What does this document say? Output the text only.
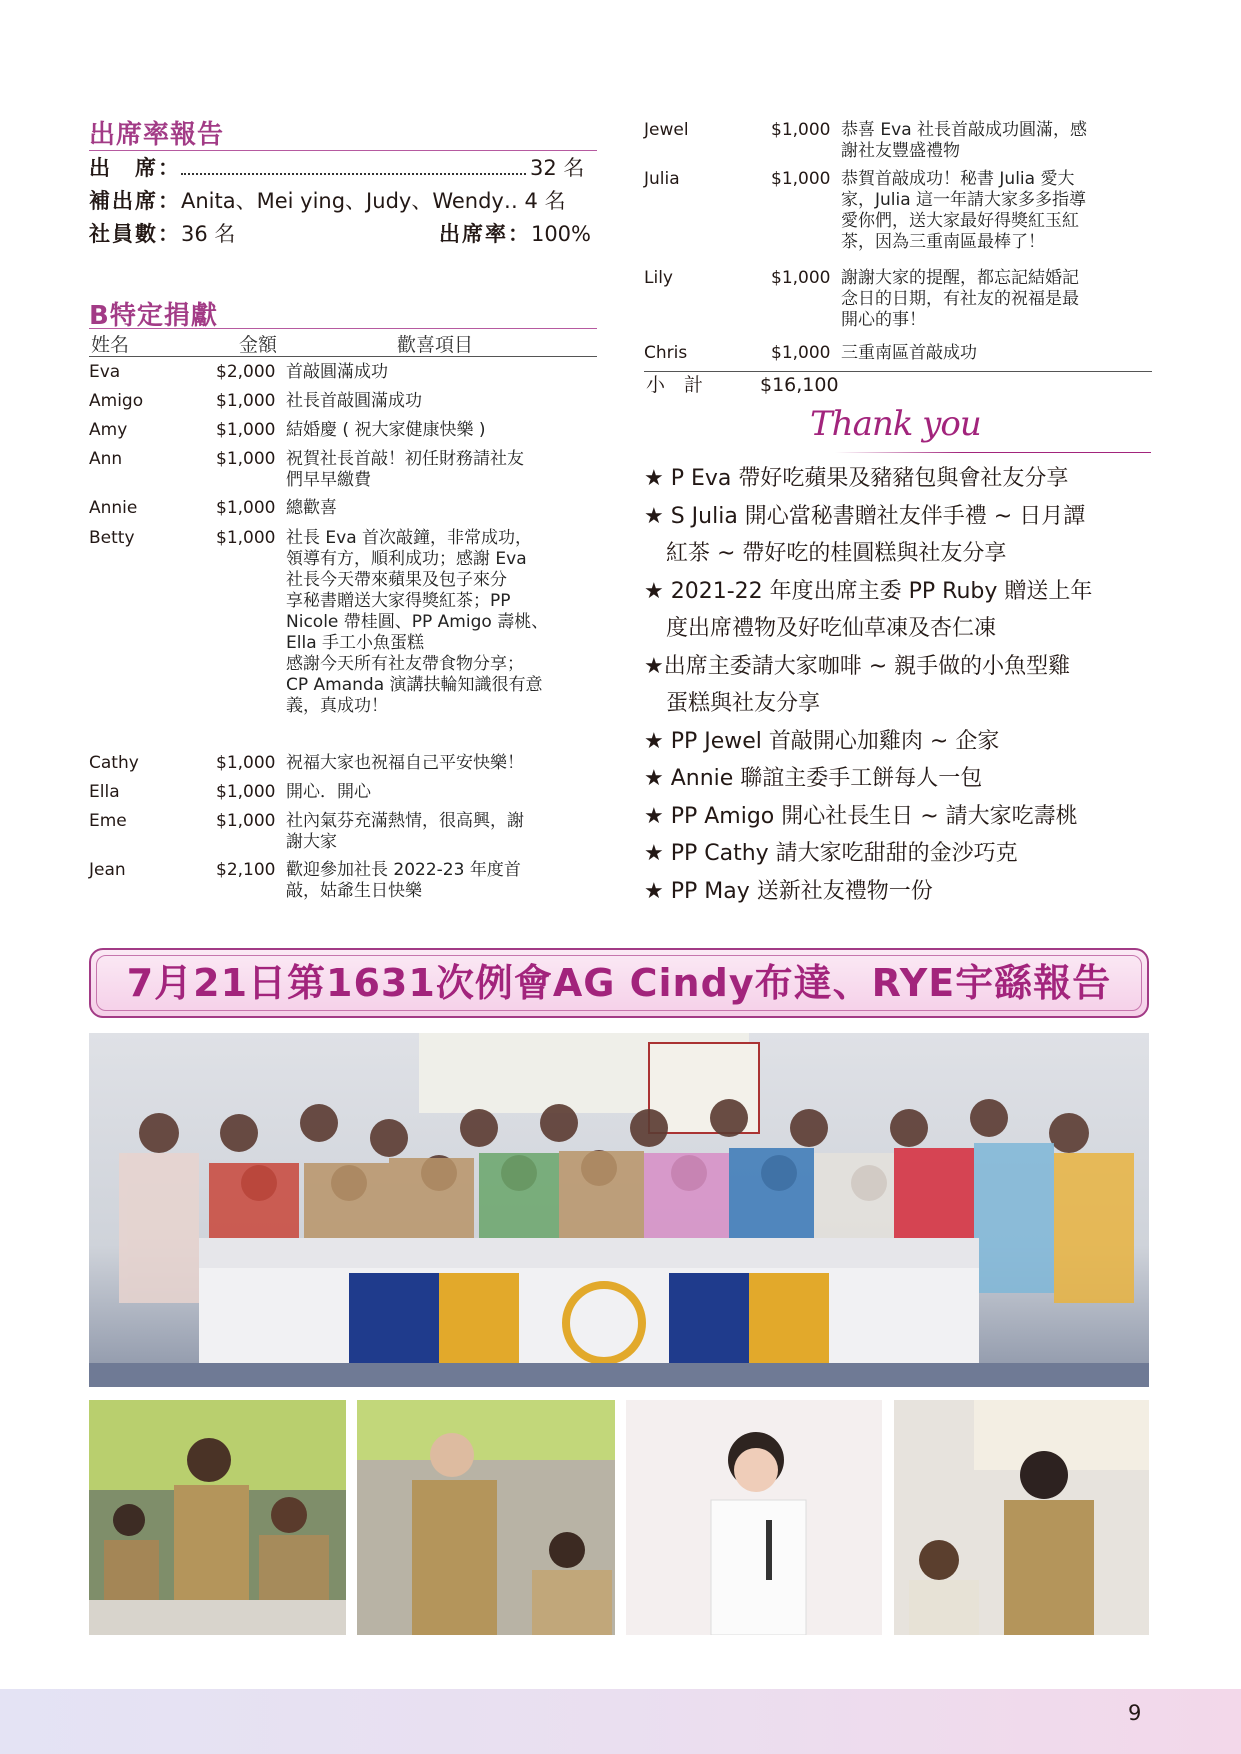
出席率報告
出　席：	32 名
補出席：Anita、Mei ying、Judy、Wendy‥ 4 名
社員數：36 名	出席率：100%
B特定捐獻
姓名	金額	歡喜項目
Eva	$2,000 首敲圓滿成功
Amigo	$1,000 社長首敲圓滿成功
Amy	$1,000 結婚慶 ( 祝大家健康快樂 )
Ann	$1,000 祝賀社長首敲！初任財務請社友
們早早繳費
Annie	$1,000 總歡喜
Betty	$1,000 社長 Eva 首次敲鐘，非常成功，
領導有方，順利成功；感謝 Eva
社長今天帶來蘋果及包子來分
享秘書贈送大家得獎紅茶；PP
Nicole 帶桂圓、PP Amigo 壽桃、
Ella 手工小魚蛋糕
感謝今天所有社友帶食物分享；
CP Amanda 演講扶輪知識很有意
義，真成功！
Cathy	$1,000 祝福大家也祝福自己平安快樂！
Ella	$1,000 開心．開心
Eme	$1,000 社內氣芬充滿熱情，很高興，謝
謝大家
Jean	$2,100 歡迎參加社長 2022-23 年度首
敲，姑爺生日快樂
Jewel	$1,000 恭喜 Eva 社長首敲成功圓滿，感
謝社友豐盛禮物
Julia	$1,000 恭賀首敲成功！秘書 Julia 愛大
家，Julia 這一年請大家多多指導
愛你們，送大家最好得獎紅玉紅
茶，因為三重南區最棒了！
Lily	$1,000 謝謝大家的提醒，都忘記結婚記
念日的日期，有社友的祝福是最
開心的事！
Chris	$1,000 三重南區首敲成功
小　計	$16,100
Thank you
★ P Eva 帶好吃蘋果及豬豬包與會社友分享
★ S Julia 開心當秘書贈社友伴手禮 ~ 日月譚
　紅茶 ~ 帶好吃的桂圓糕與社友分享
★ 2021-22 年度出席主委 PP Ruby 贈送上年
　度出席禮物及好吃仙草凍及杏仁凍
★出席主委請大家咖啡 ~ 親手做的小魚型雞
　蛋糕與社友分享
★ PP Jewel 首敲開心加雞肉 ~ 企家
★ Annie 聯誼主委手工餅每人一包
★ PP Amigo 開心社長生日 ~ 請大家吃壽桃
★ PP Cathy 請大家吃甜甜的金沙巧克
★ PP May 送新社友禮物一份
7月21日第1631次例會AG Cindy布達、RYE宇繇報告
9
